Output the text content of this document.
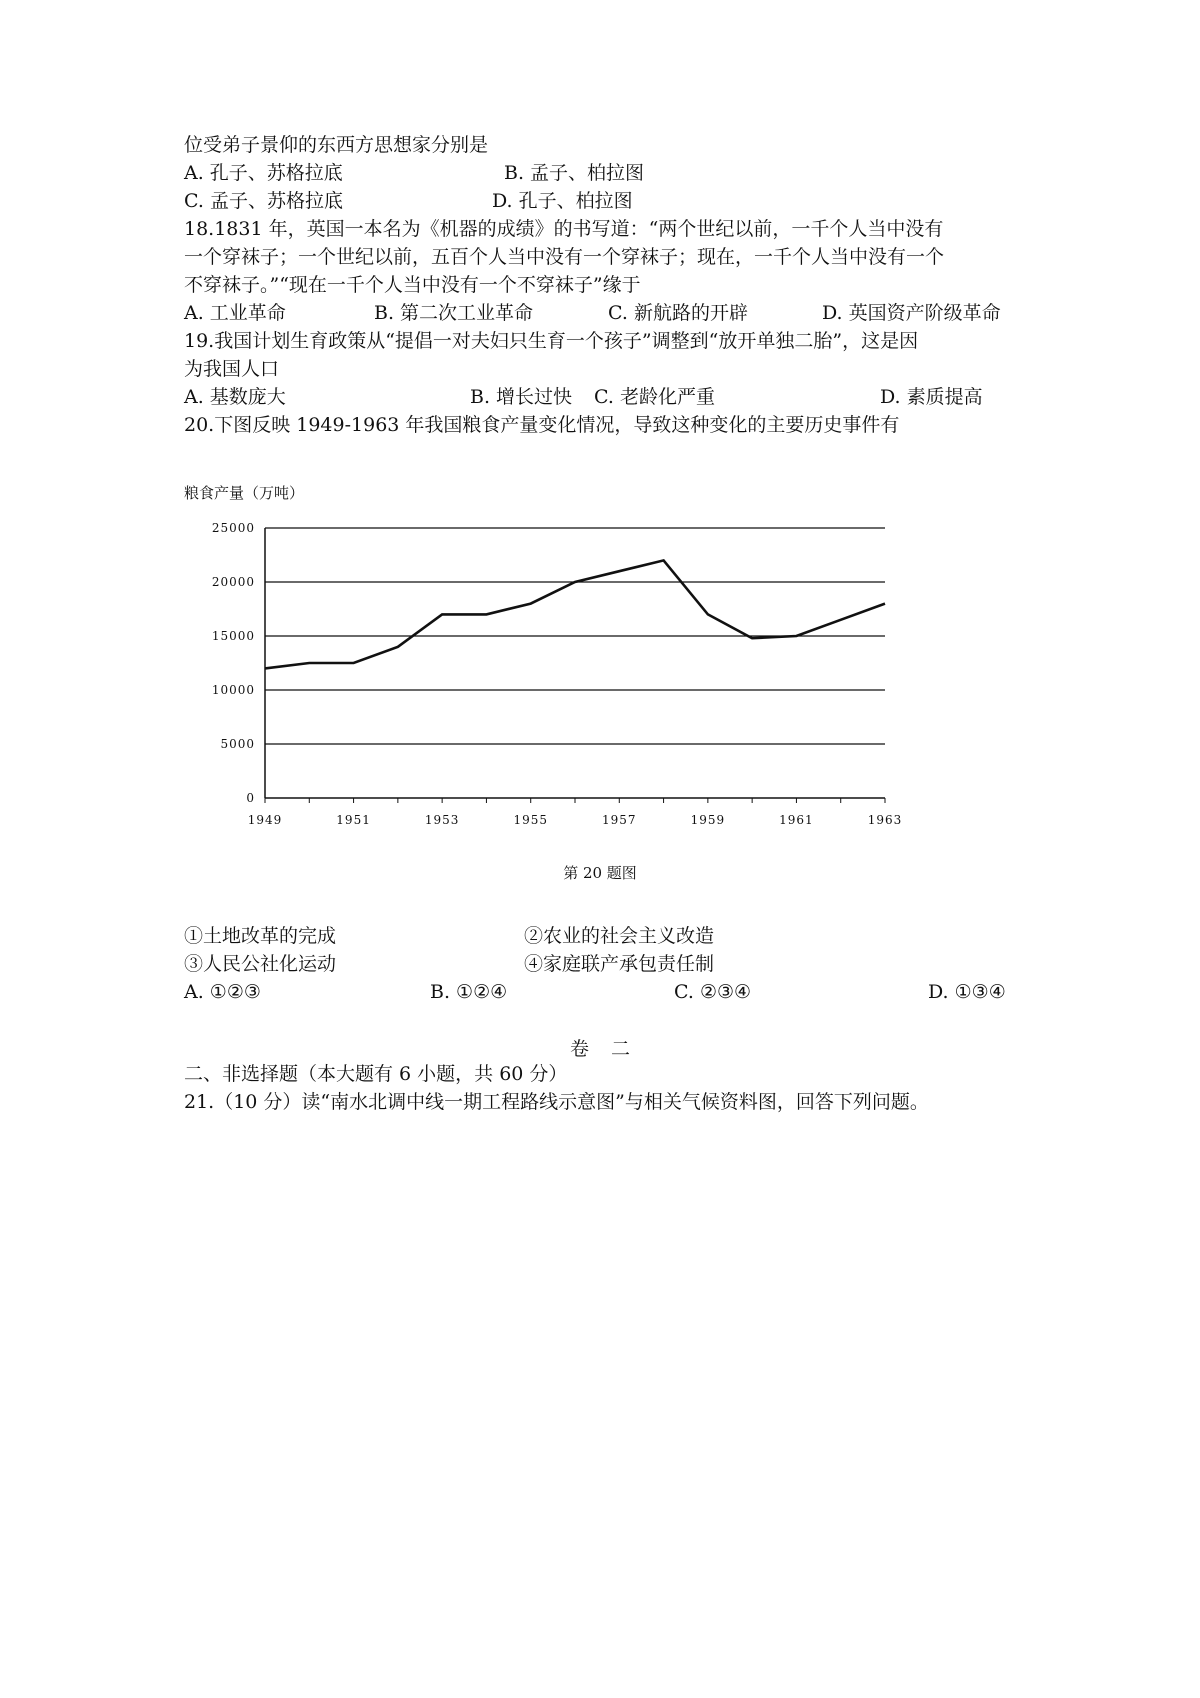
位受弟子景仰的东西方思想家分别是
A. 孔子、苏格拉底	B. 孟子、柏拉图
C. 孟子、苏格拉底	D. 孔子、柏拉图
18.1831 年，英国一本名为《机器的成绩》的书写道：“两个世纪以前，一千个人当中没有
一个穿袜子；一个世纪以前，五百个人当中没有一个穿袜子；现在，一千个人当中没有一个
不穿袜子。”“现在一千个人当中没有一个不穿袜子”缘于
A. 工业革命	B. 第二次工业革命	C. 新航路的开辟	D. 英国资产阶级革命
19.我国计划生育政策从“提倡一对夫妇只生育一个孩子”调整到“放开单独二胎”，这是因
为我国人口
A. 基数庞大	B. 增长过快 C. 老龄化严重	D. 素质提高
20.下图反映 1949-1963 年我国粮食产量变化情况，导致这种变化的主要历史事件有
粮食产量（万吨）
0
5000
10000
15000
20000
25000
1949	1951	1953	1955	1957	1959	1961	1963
第 20 题图
①土地改革的完成	②农业的社会主义改造
③人民公社化运动	④家庭联产承包责任制
A. ①②③	B. ①②④	C. ②③④	D. ①③④
卷二
二、非选择题（本大题有 6 小题，共 60 分）
21.（10 分）读“南水北调中线一期工程路线示意图”与相关气候资料图，回答下列问题。
